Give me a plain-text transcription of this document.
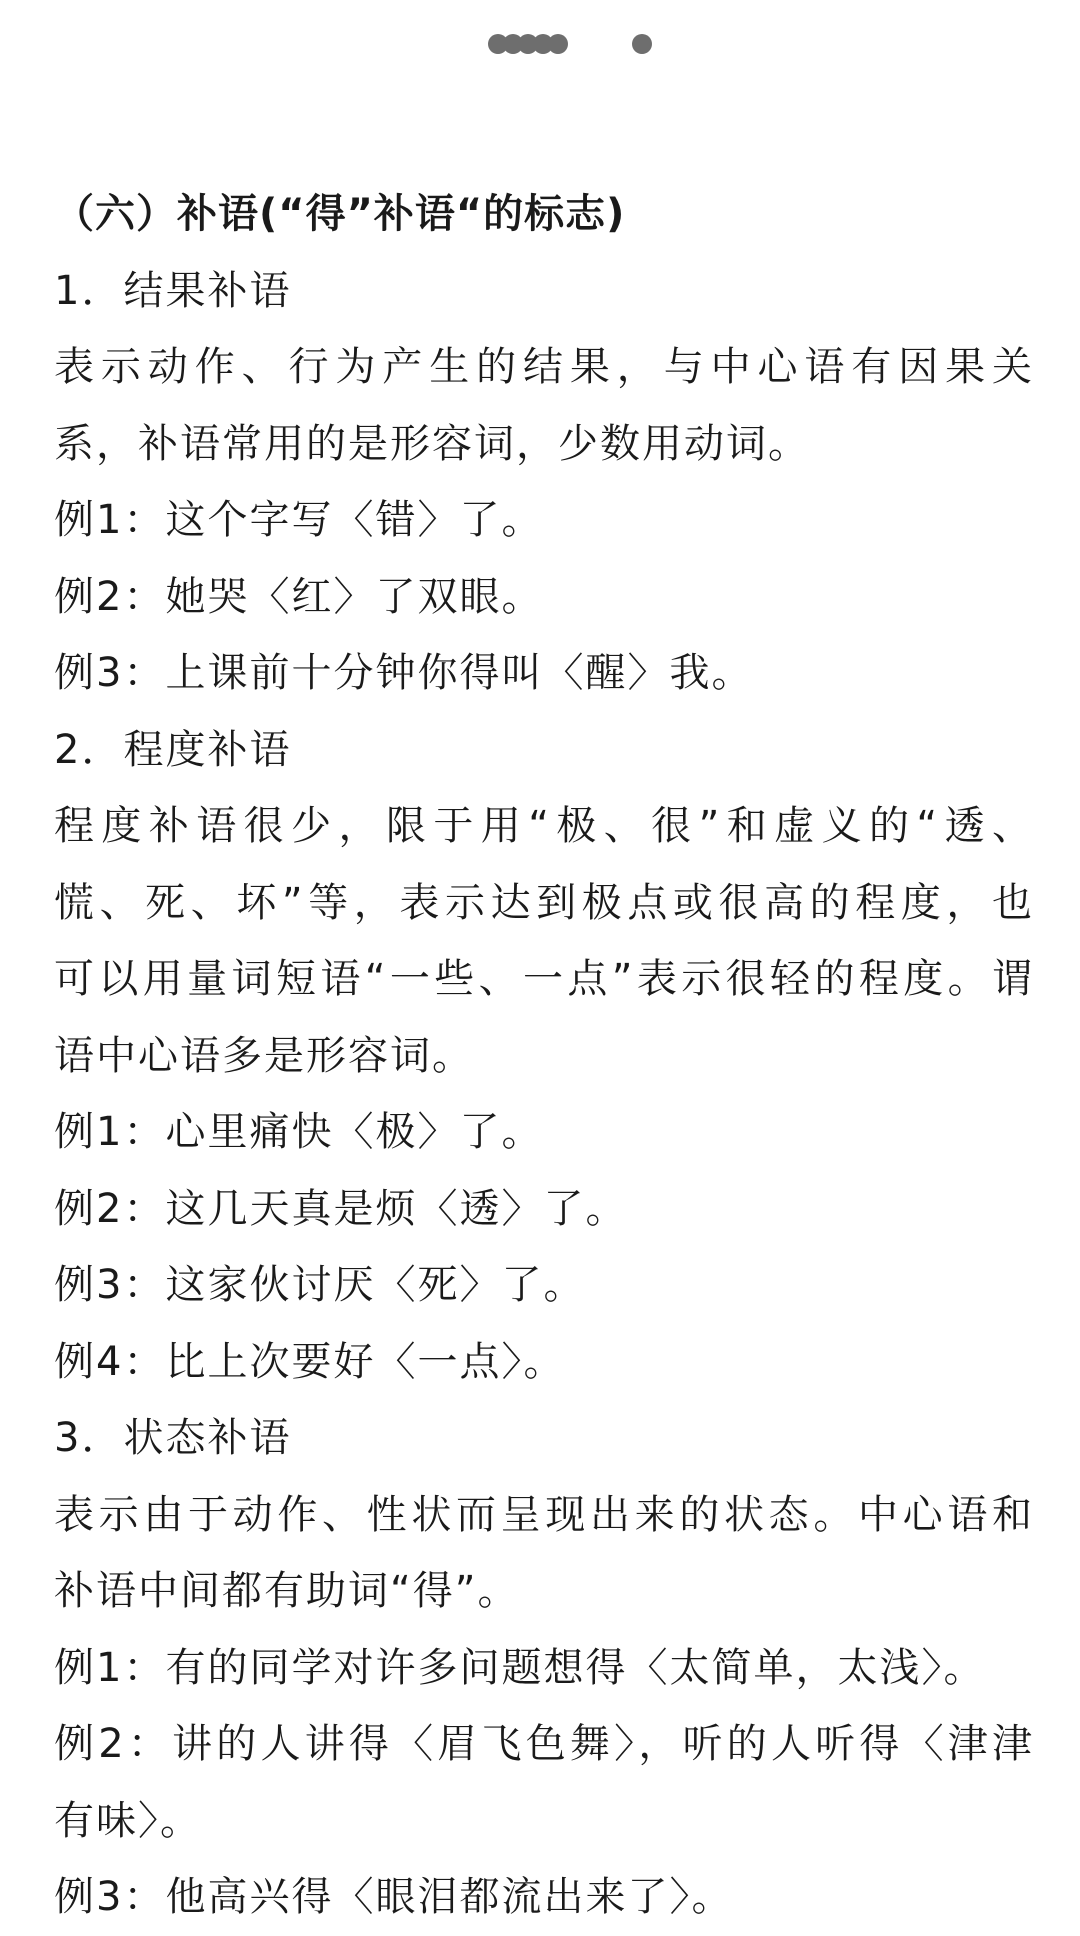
（六）补语(“得”补语“的标志)
1．结果补语
表示动作、行为产生的结果，与中心语有因果关
系，补语常用的是形容词，少数用动词。
例1：这个字写〈错〉了。
例2：她哭〈红〉了双眼。
例3：上课前十分钟你得叫〈醒〉我。
2．程度补语
程度补语很少，限于用“极、很”和虚义的“透、
慌、死、坏”等，表示达到极点或很高的程度，也
可以用量词短语“一些、一点”表示很轻的程度。谓
语中心语多是形容词。
例1：心里痛快〈极〉了。
例2：这几天真是烦〈透〉了。
例3：这家伙讨厌〈死〉了。
例4：比上次要好〈一点〉。
3．状态补语
表示由于动作、性状而呈现出来的状态。中心语和
补语中间都有助词“得”。
例1：有的同学对许多问题想得〈太简单，太浅〉。
例2：讲的人讲得〈眉飞色舞〉，听的人听得〈津津
有味〉。
例3：他高兴得〈眼泪都流出来了〉。
